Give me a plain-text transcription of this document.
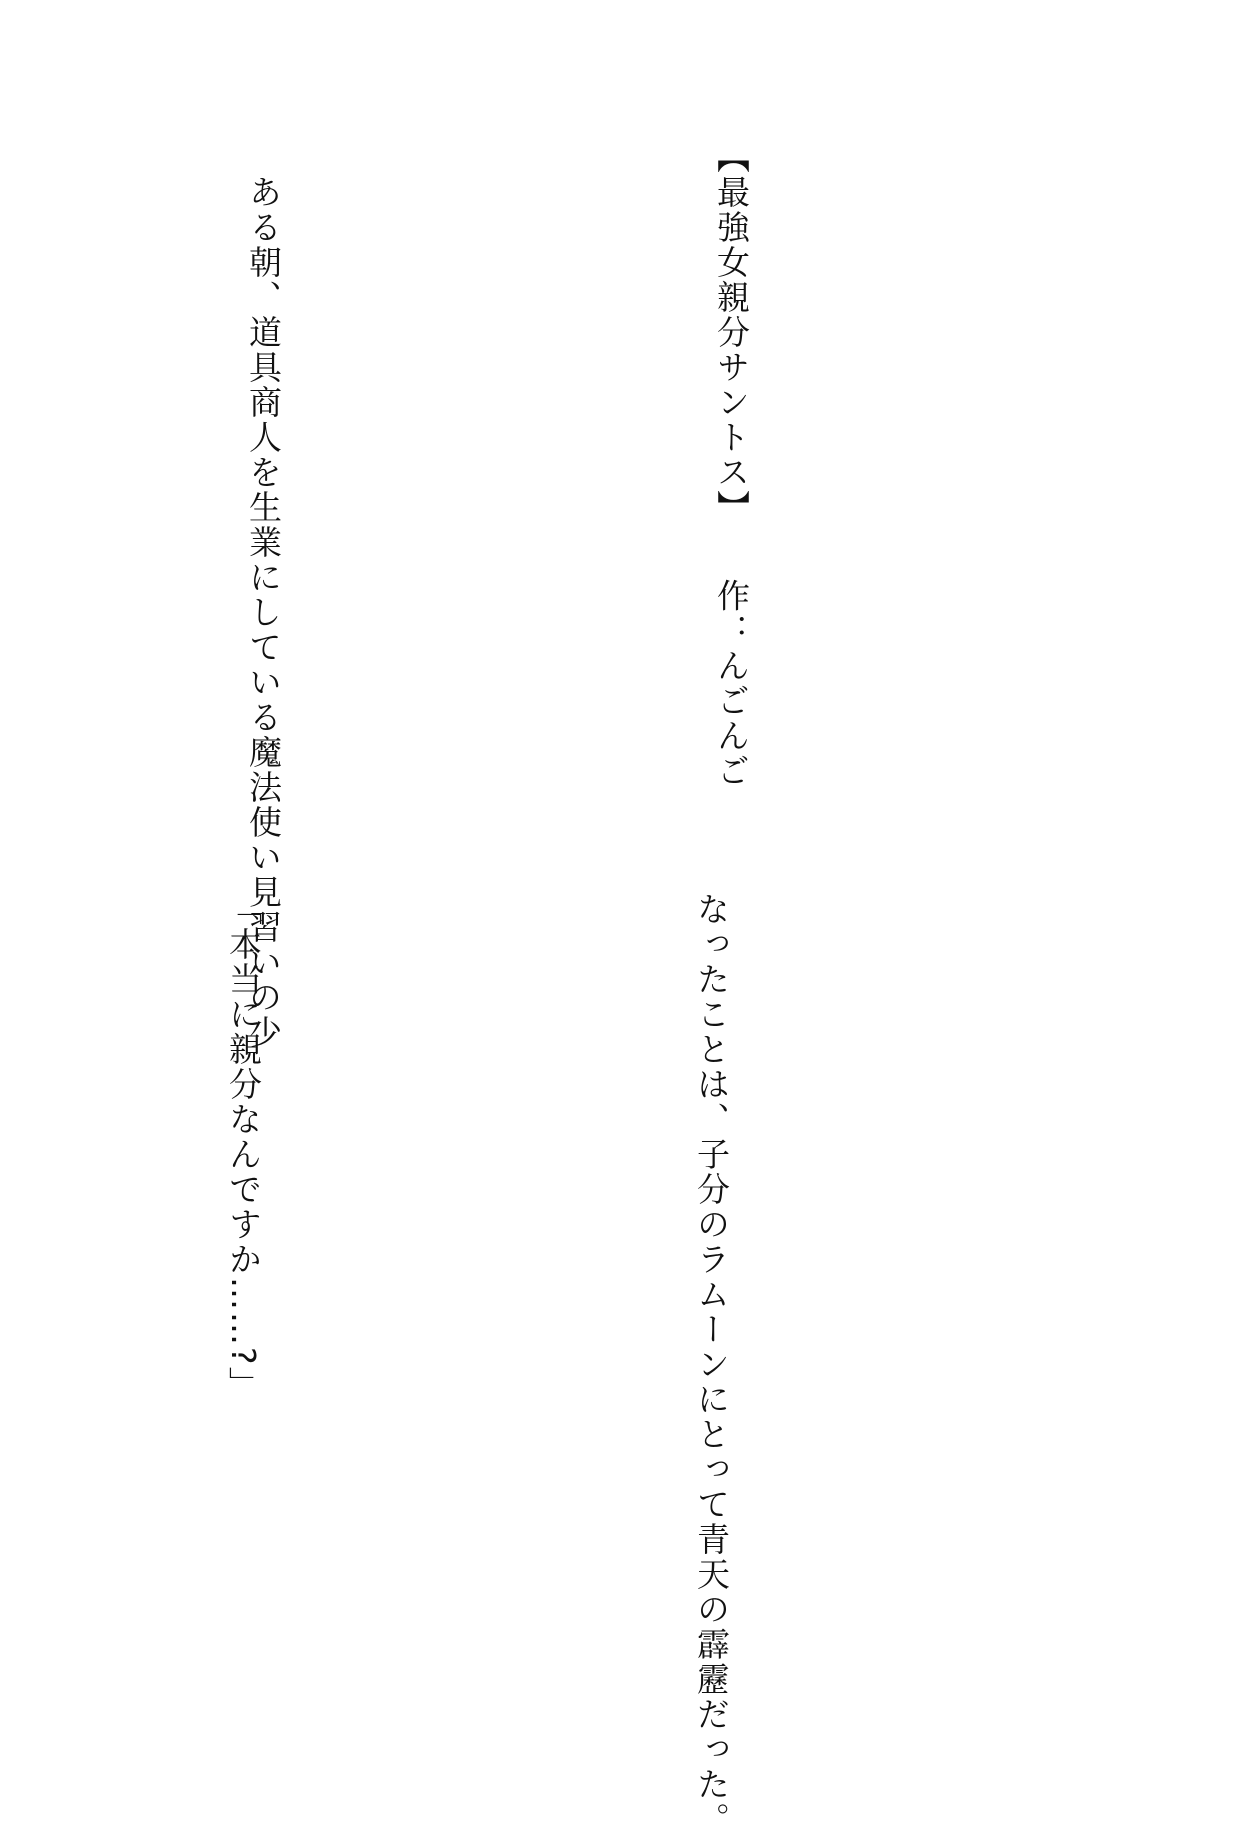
【最強女親分サントス】　　作：んごんご

　ある朝、道具商人を生業にしている魔法使い見習いの少

なったことは、子分のラムーンにとって青天の霹靂だった。

「本当に親分なんですか……?」
